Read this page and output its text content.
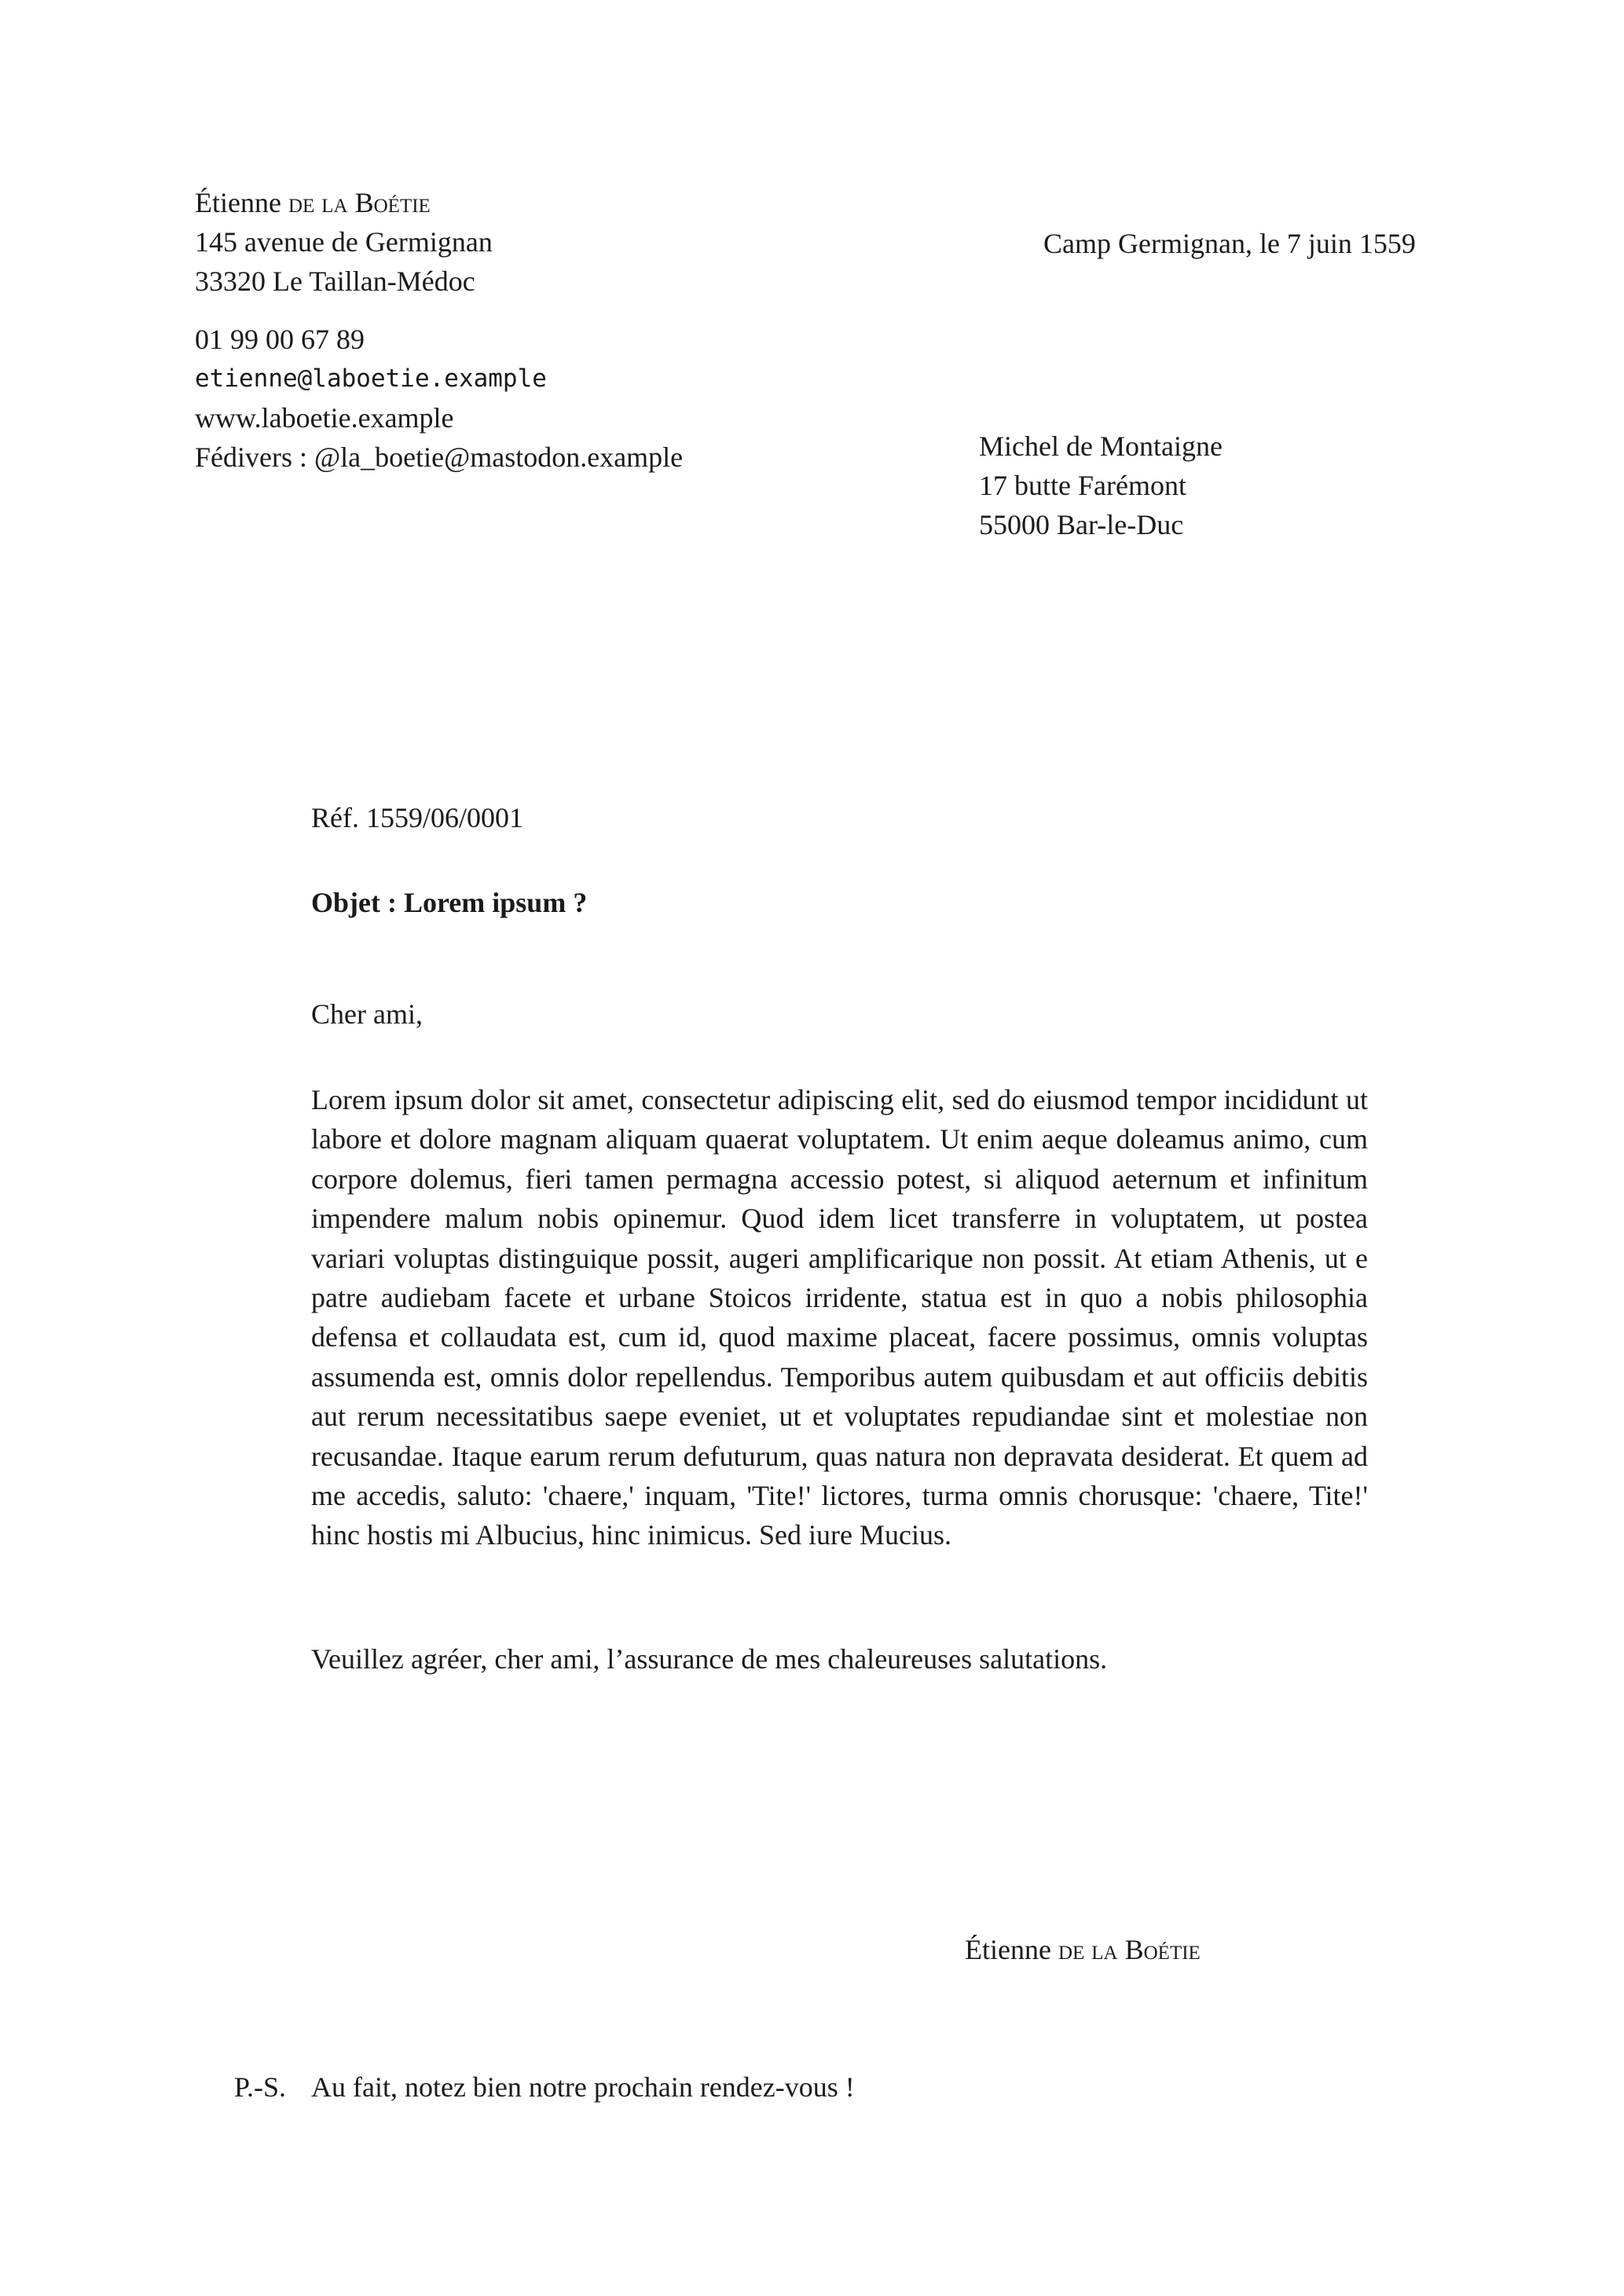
Étienne de la Boétie
145 avenue de Germignan
33320 Le Taillan-Médoc
01 99 00 67 89
etienne@laboetie.example
www.laboetie.example
Fédivers : @la_boetie@mastodon.example
Camp Germignan, le 7 juin 1559
Michel de Montaigne
17 butte Farémont
55000 Bar-le-Duc
Réf. 1559/06/0001
Objet : Lorem ipsum ?
Cher ami,
Lorem ipsum dolor sit amet, consectetur adipiscing elit, sed do eiusmod tempor incididunt ut labore et dolore magnam aliquam quaerat voluptatem. Ut enim aeque doleamus animo, cum corpore dolemus, fieri tamen permagna accessio potest, si aliquod aeternum et infinitum impendere malum nobis opinemur. Quod idem licet transferre in voluptatem, ut postea variari voluptas distinguique possit, augeri amplificarique non possit. At etiam Athenis, ut e patre audiebam facete et urbane Stoicos irridente, statua est in quo a nobis philosophia defensa et collaudata est, cum id, quod maxime placeat, facere possimus, omnis voluptas assumenda est, omnis dolor repellendus. Temporibus autem quibusdam et aut officiis debitis aut rerum necessitatibus saepe eveniet, ut et voluptates repudiandae sint et molestiae non recusandae. Itaque earum rerum defuturum, quas natura non depravata desiderat. Et quem ad me accedis, saluto: 'chaere,' inquam, 'Tite!' lictores, turma omnis chorusque: 'chaere, Tite!' hinc hostis mi Albucius, hinc inimicus. Sed iure Mucius.
Veuillez agréer, cher ami, l’assurance de mes chaleureuses salutations.
Étienne de la Boétie
P.-S. Au fait, notez bien notre prochain rendez-vous !
